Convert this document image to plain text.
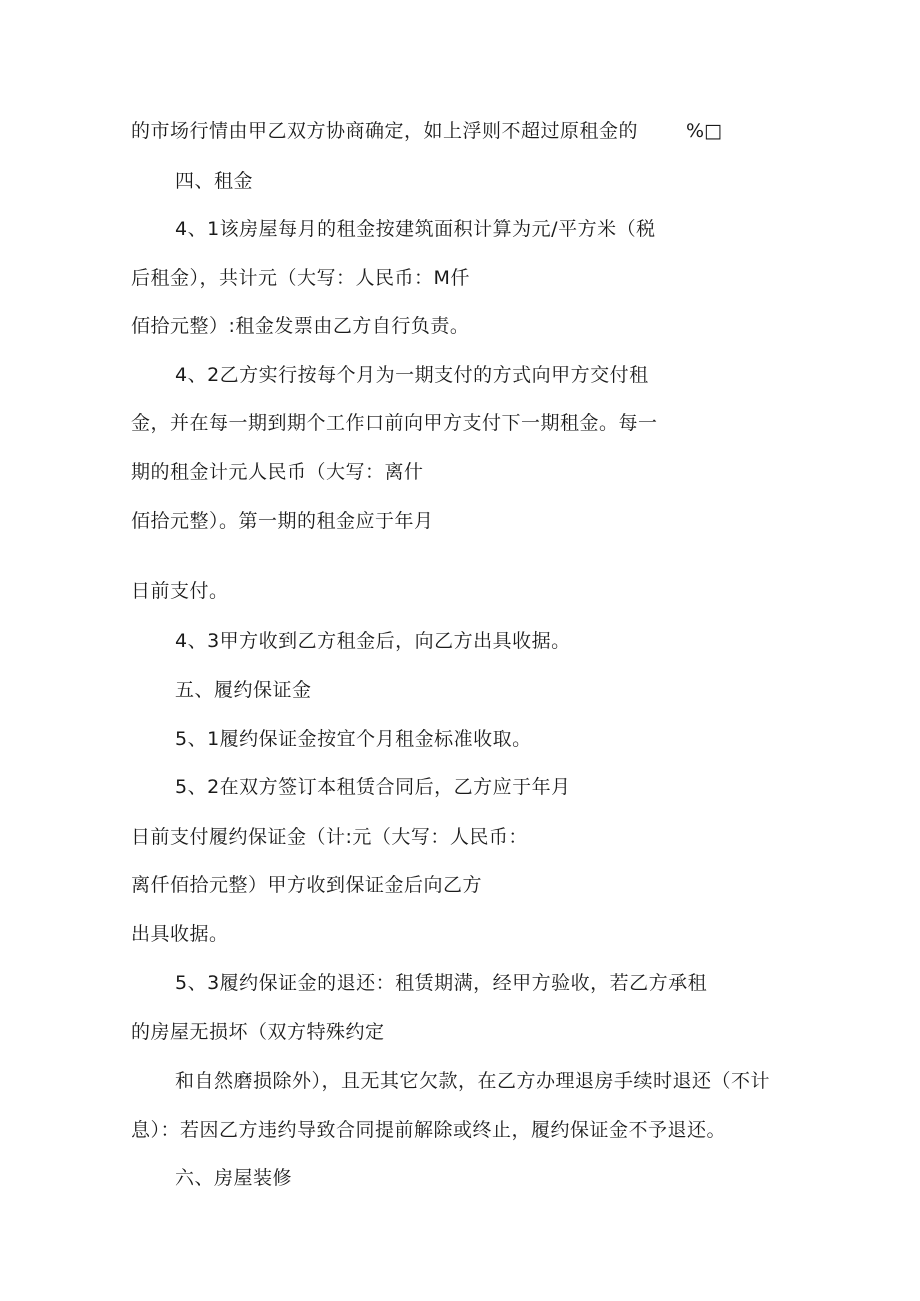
的市场行情由甲乙双方协商确定，如上浮则不超过原租金的	%□
四、租金
4、1该房屋每月的租金按建筑面积计算为元/平方米（税
后租金），共计元（大写：人民币：M仟
佰拾元整）:租金发票由乙方自行负责。
4、2乙方实行按每个月为一期支付的方式向甲方交付租
金，并在每一期到期个工作口前向甲方支付下一期租金。每一
期的租金计元人民币（大写：离什
佰拾元整）。第一期的租金应于年月
日前支付。
4、3甲方收到乙方租金后，向乙方出具收据。
五、履约保证金
5、1履约保证金按宜个月租金标准收取。
5、2在双方签订本租赁合同后，乙方应于年月
日前支付履约保证金（计:元（大写：人民币：
离仟佰拾元整）甲方收到保证金后向乙方
出具收据。
5、3履约保证金的退还：租赁期满，经甲方验收，若乙方承租
的房屋无损坏（双方特殊约定
和自然磨损除外），且无其它欠款，在乙方办理退房手续时退还（不计
息）：若因乙方违约导致合同提前解除或终止，履约保证金不予退还。
六、房屋装修
